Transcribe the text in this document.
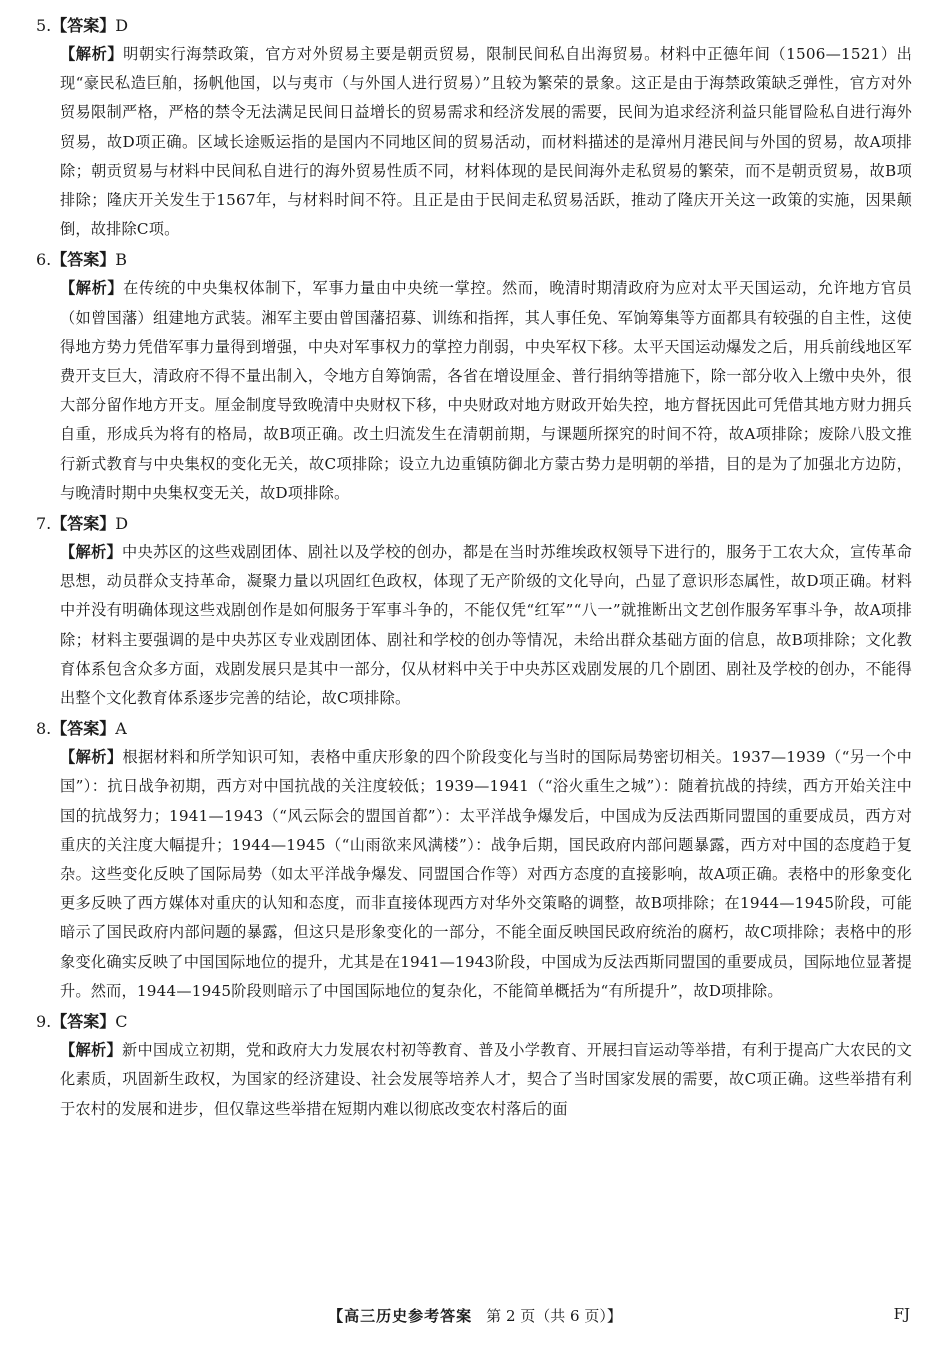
5.【答案】D
【解析】明朝实行海禁政策，官方对外贸易主要是朝贡贸易，限制民间私自出海贸易。材料中正德年间（1506—1521）出现“豪民私造巨舶，扬帆他国，以与夷市（与外国人进行贸易）”且较为繁荣的景象。这正是由于海禁政策缺乏弹性，官方对外贸易限制严格，严格的禁令无法满足民间日益增长的贸易需求和经济发展的需要，民间为追求经济利益只能冒险私自进行海外贸易，故D项正确。区域长途贩运指的是国内不同地区间的贸易活动，而材料描述的是漳州月港民间与外国的贸易，故A项排除；朝贡贸易与材料中民间私自进行的海外贸易性质不同，材料体现的是民间海外走私贸易的繁荣，而不是朝贡贸易，故B项排除；隆庆开关发生于1567年，与材料时间不符。且正是由于民间走私贸易活跃，推动了隆庆开关这一政策的实施，因果颠倒，故排除C项。
6.【答案】B
【解析】在传统的中央集权体制下，军事力量由中央统一掌控。然而，晚清时期清政府为应对太平天国运动，允许地方官员（如曾国藩）组建地方武装。湘军主要由曾国藩招募、训练和指挥，其人事任免、军饷筹集等方面都具有较强的自主性，这使得地方势力凭借军事力量得到增强，中央对军事权力的掌控力削弱，中央军权下移。太平天国运动爆发之后，用兵前线地区军费开支巨大，清政府不得不量出制入，令地方自筹饷需，各省在增设厘金、普行捐纳等措施下，除一部分收入上缴中央外，很大部分留作地方开支。厘金制度导致晚清中央财权下移，中央财政对地方财政开始失控，地方督抚因此可凭借其地方财力拥兵自重，形成兵为将有的格局，故B项正确。改土归流发生在清朝前期，与课题所探究的时间不符，故A项排除；废除八股文推行新式教育与中央集权的变化无关，故C项排除；设立九边重镇防御北方蒙古势力是明朝的举措，目的是为了加强北方边防，与晚清时期中央集权变无关，故D项排除。
7.【答案】D
【解析】中央苏区的这些戏剧团体、剧社以及学校的创办，都是在当时苏维埃政权领导下进行的，服务于工农大众，宣传革命思想，动员群众支持革命，凝聚力量以巩固红色政权，体现了无产阶级的文化导向，凸显了意识形态属性，故D项正确。材料中并没有明确体现这些戏剧创作是如何服务于军事斗争的，不能仅凭“红军”“八一”就推断出文艺创作服务军事斗争，故A项排除；材料主要强调的是中央苏区专业戏剧团体、剧社和学校的创办等情况，未给出群众基础方面的信息，故B项排除；文化教育体系包含众多方面，戏剧发展只是其中一部分，仅从材料中关于中央苏区戏剧发展的几个剧团、剧社及学校的创办，不能得出整个文化教育体系逐步完善的结论，故C项排除。
8.【答案】A
【解析】根据材料和所学知识可知，表格中重庆形象的四个阶段变化与当时的国际局势密切相关。1937—1939（“另一个中国”）：抗日战争初期，西方对中国抗战的关注度较低；1939—1941（“浴火重生之城”）：随着抗战的持续，西方开始关注中国的抗战努力；1941—1943（“风云际会的盟国首都”）：太平洋战争爆发后，中国成为反法西斯同盟国的重要成员，西方对重庆的关注度大幅提升；1944—1945（“山雨欲来风满楼”）：战争后期，国民政府内部问题暴露，西方对中国的态度趋于复杂。这些变化反映了国际局势（如太平洋战争爆发、同盟国合作等）对西方态度的直接影响，故A项正确。表格中的形象变化更多反映了西方媒体对重庆的认知和态度，而非直接体现西方对华外交策略的调整，故B项排除；在1944—1945阶段，可能暗示了国民政府内部问题的暴露，但这只是形象变化的一部分，不能全面反映国民政府统治的腐朽，故C项排除；表格中的形象变化确实反映了中国国际地位的提升，尤其是在1941—1943阶段，中国成为反法西斯同盟国的重要成员，国际地位显著提升。然而，1944—1945阶段则暗示了中国国际地位的复杂化，不能简单概括为“有所提升”，故D项排除。
9.【答案】C
【解析】新中国成立初期，党和政府大力发展农村初等教育、普及小学教育、开展扫盲运动等举措，有利于提高广大农民的文化素质，巩固新生政权，为国家的经济建设、社会发展等培养人才，契合了当时国家发展的需要，故C项正确。这些举措有利于农村的发展和进步，但仅靠这些举措在短期内难以彻底改变农村落后的面
【高三历史参考答案 第 2 页（共 6 页）】	FJ
